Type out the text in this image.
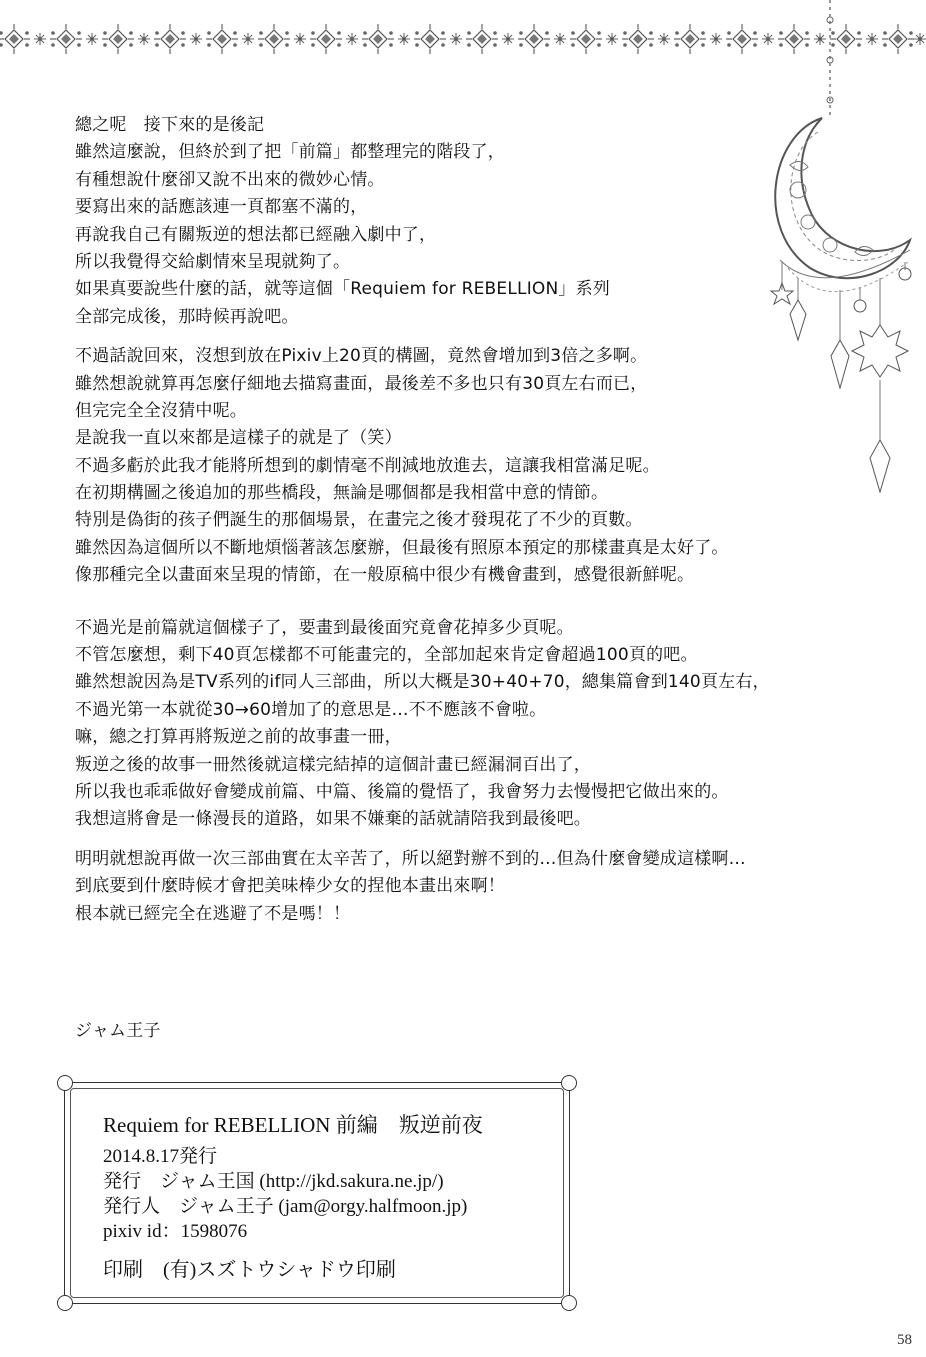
總之呢　接下來的是後記
雖然這麼說，但終於到了把「前篇」都整理完的階段了，
有種想說什麼卻又說不出來的微妙心情。
要寫出來的話應該連一頁都塞不滿的，
再說我自己有關叛逆的想法都已經融入劇中了，
所以我覺得交給劇情來呈現就夠了。
如果真要說些什麼的話，就等這個「Requiem for REBELLION」系列
全部完成後，那時候再說吧。
不過話說回來，沒想到放在Pixiv上20頁的構圖，竟然會增加到3倍之多啊。
雖然想說就算再怎麼仔細地去描寫畫面，最後差不多也只有30頁左右而已，
但完完全全沒猜中呢。
是說我一直以來都是這樣子的就是了（笑）
不過多虧於此我才能將所想到的劇情毫不削減地放進去，這讓我相當滿足呢。
在初期構圖之後追加的那些橋段，無論是哪個都是我相當中意的情節。
特別是偽街的孩子們誕生的那個場景，在畫完之後才發現花了不少的頁數。
雖然因為這個所以不斷地煩惱著該怎麼辦，但最後有照原本預定的那樣畫真是太好了。
像那種完全以畫面來呈現的情節，在一般原稿中很少有機會畫到，感覺很新鮮呢。
不過光是前篇就這個樣子了，要畫到最後面究竟會花掉多少頁呢。
不管怎麼想，剩下40頁怎樣都不可能畫完的，全部加起來肯定會超過100頁的吧。
雖然想說因為是TV系列的if同人三部曲，所以大概是30+40+70，總集篇會到140頁左右，
不過光第一本就從30→60增加了的意思是…不不應該不會啦。
嘛，總之打算再將叛逆之前的故事畫一冊，
叛逆之後的故事一冊然後就這樣完結掉的這個計畫已經漏洞百出了，
所以我也乖乖做好會變成前篇、中篇、後篇的覺悟了，我會努力去慢慢把它做出來的。
我想這將會是一條漫長的道路，如果不嫌棄的話就請陪我到最後吧。
明明就想說再做一次三部曲實在太辛苦了，所以絕對辦不到的…但為什麼會變成這樣啊…
到底要到什麼時候才會把美味棒少女的捏他本畫出來啊！
根本就已經完全在逃避了不是嗎！！
ジャム王子
Requiem for REBELLION 前編　叛逆前夜
2014.8.17発行
発行　ジャム王国 (http://jkd.sakura.ne.jp/)
発行人　ジャム王子 (jam@orgy.halfmoon.jp)
pixiv id：1598076
印刷　(有)スズトウシャドウ印刷
58
